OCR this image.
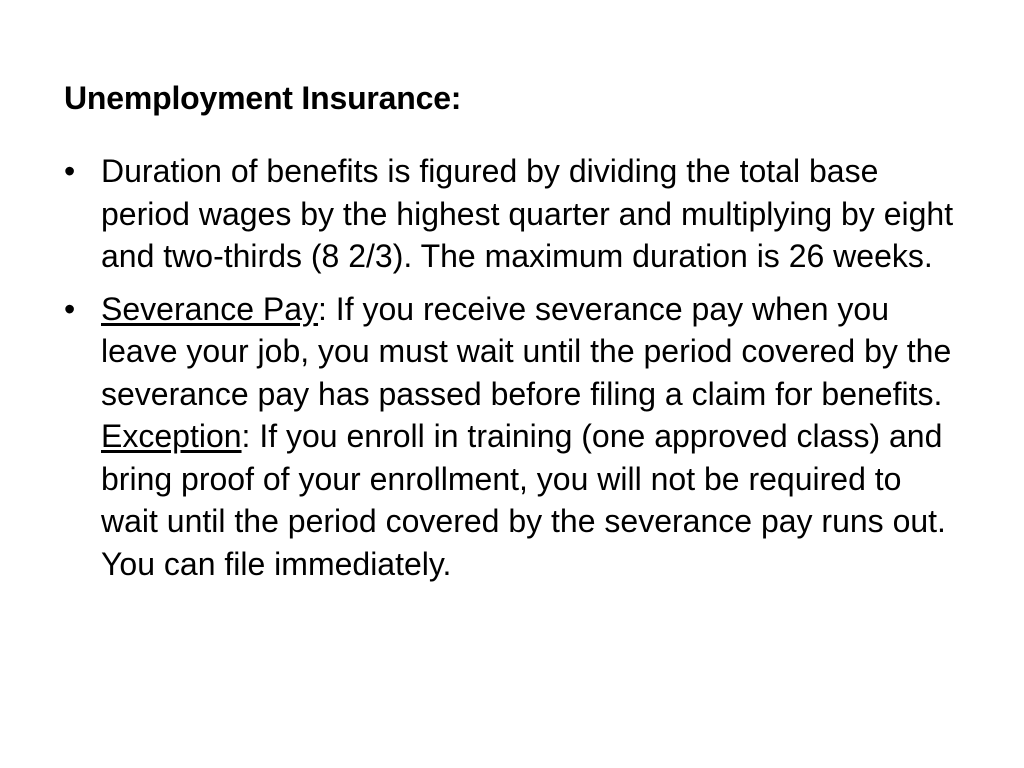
Unemployment Insurance:
• Duration of benefits is figured by dividing the total base period wages by the highest quarter and multiplying by eight and two-thirds (8 2/3). The maximum duration is 26 weeks.
• Severance Pay: If you receive severance pay when you leave your job, you must wait until the period covered by the severance pay has passed before filing a claim for benefits. Exception: If you enroll in training (one approved class) and bring proof of your enrollment, you will not be required to wait until the period covered by the severance pay runs out. You can file immediately.
